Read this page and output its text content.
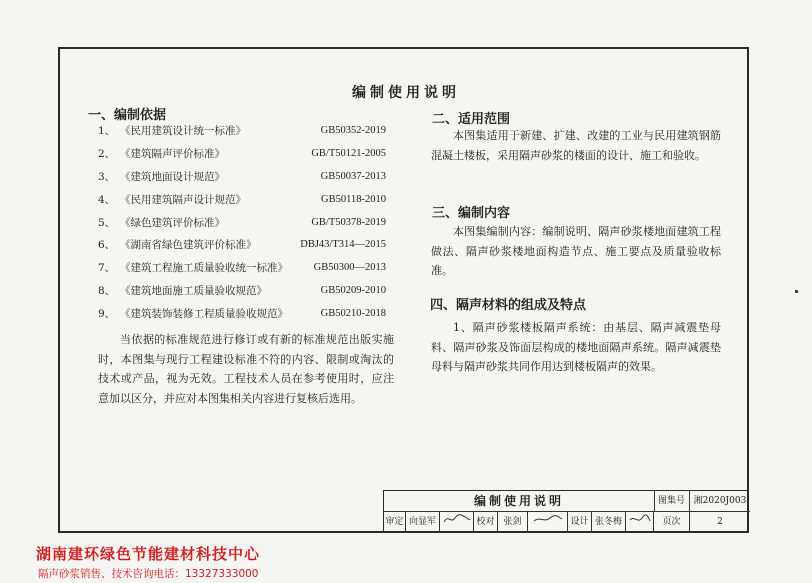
编制使用说明
一、编制依据
1、 《民用建筑设计统一标准》	GB50352-2019
2、 《建筑隔声评价标准》	GB/T50121-2005
3、 《建筑地面设计规范》	GB50037-2013
4、 《民用建筑隔声设计规范》	GB50118-2010
5、 《绿色建筑评价标准》	GB/T50378-2019
6、 《湖南省绿色建筑评价标准》	DBJ43/T314—2015
7、 《建筑工程施工质量验收统一标准》 GB50300—2013
8、 《建筑地面施工质量验收规范》	GB50209-2010
9、 《建筑装饰装修工程质量验收规范》	GB50210-2018

当依据的标准规范进行修订或有新的标准规范出版实施时，本图集与现行工程建设标准不符的内容、限制或淘汰的技术或产品，视为无效。工程技术人员在参考使用时，应注意加以区分，并应对本图集相关内容进行复核后选用。

二、适用范围

本图集适用于新建、扩建、改建的工业与民用建筑钢筋混凝土楼板，采用隔声砂浆的楼面的设计、施工和验收。

三、编制内容

本图集编制内容：编制说明、隔声砂浆楼地面建筑工程做法、隔声砂浆楼地面构造节点、施工要点及质量验收标准。

四、隔声材料的组成及特点

1、隔声砂浆楼板隔声系统：由基层、隔声减震垫母料、隔声砂浆及饰面层构成的楼地面隔声系统。隔声减震垫母料与隔声砂浆共同作用达到楼板隔声的效果。

编制使用说明	图集号 湘2020J003
审定 向显军	校对 张剑	设计 张冬梅	页次	2
湖南建环绿色节能建材科技中心
隔声砂浆销售、技术咨询电话：13327333000
